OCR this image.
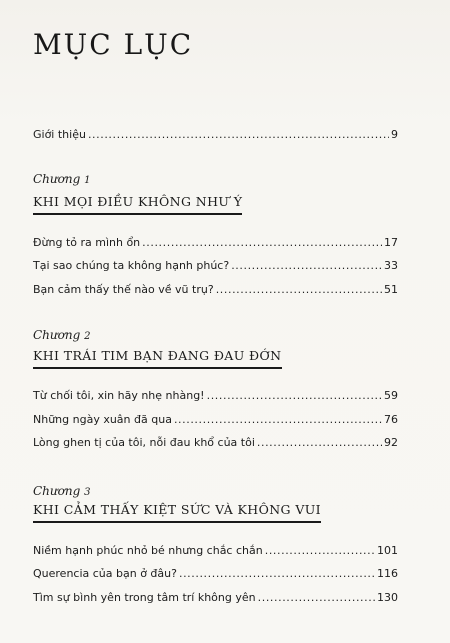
MỤC LỤC
Giới thiệu .....	9
Chương 1
KHI MỌI ĐIỀU KHÔNG NHƯ Ý
Đừng tỏ ra mình ổn .....	17
Tại sao chúng ta không hạnh phúc? .....	33
Bạn cảm thấy thế nào về vũ trụ? .....	51
Chương 2
KHI TRÁI TIM BẠN ĐANG ĐAU ĐỚN
Từ chối tôi, xin hãy nhẹ nhàng! .....	59
Những ngày xuân đã qua .....	76
Lòng ghen tị của tôi, nỗi đau khổ của tôi .....	92
Chương 3
KHI CẢM THẤY KIỆT SỨC VÀ KHÔNG VUI
Niềm hạnh phúc nhỏ bé nhưng chắc chắn .....	101
Querencia của bạn ở đâu? .....	116
Tìm sự bình yên trong tâm trí không yên .....	130
